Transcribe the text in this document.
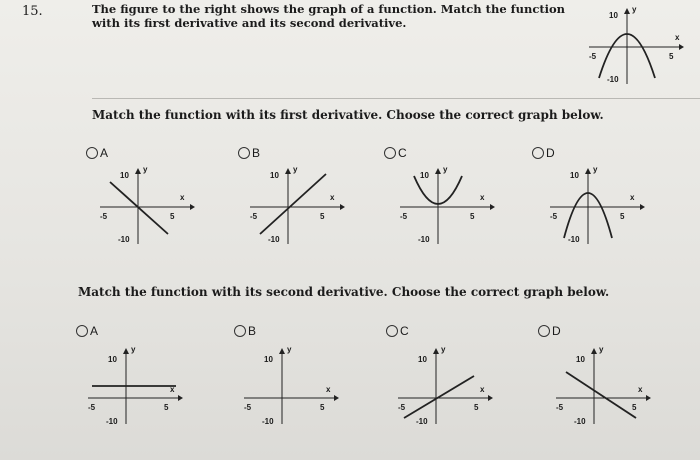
15.	The figure to the right shows the graph of a function. Match the function with its first derivative and its second derivative.
10
y
x
-5	5
-10
Match the function with its first derivative. Choose the correct graph below.
A	B	C	D
10
y
x
-5	5
-10
10
y
x
-5	5
-10
10
y
x
-5	5
-10
10
y
x
-5	5
-10
Match the function with its second derivative. Choose the correct graph below.
A	B	C	D
10
y
x
-5	5
-10
10
y
x
-5	5
-10
10
y
x
-5	5
-10
10
y
x
-5	5
-10
